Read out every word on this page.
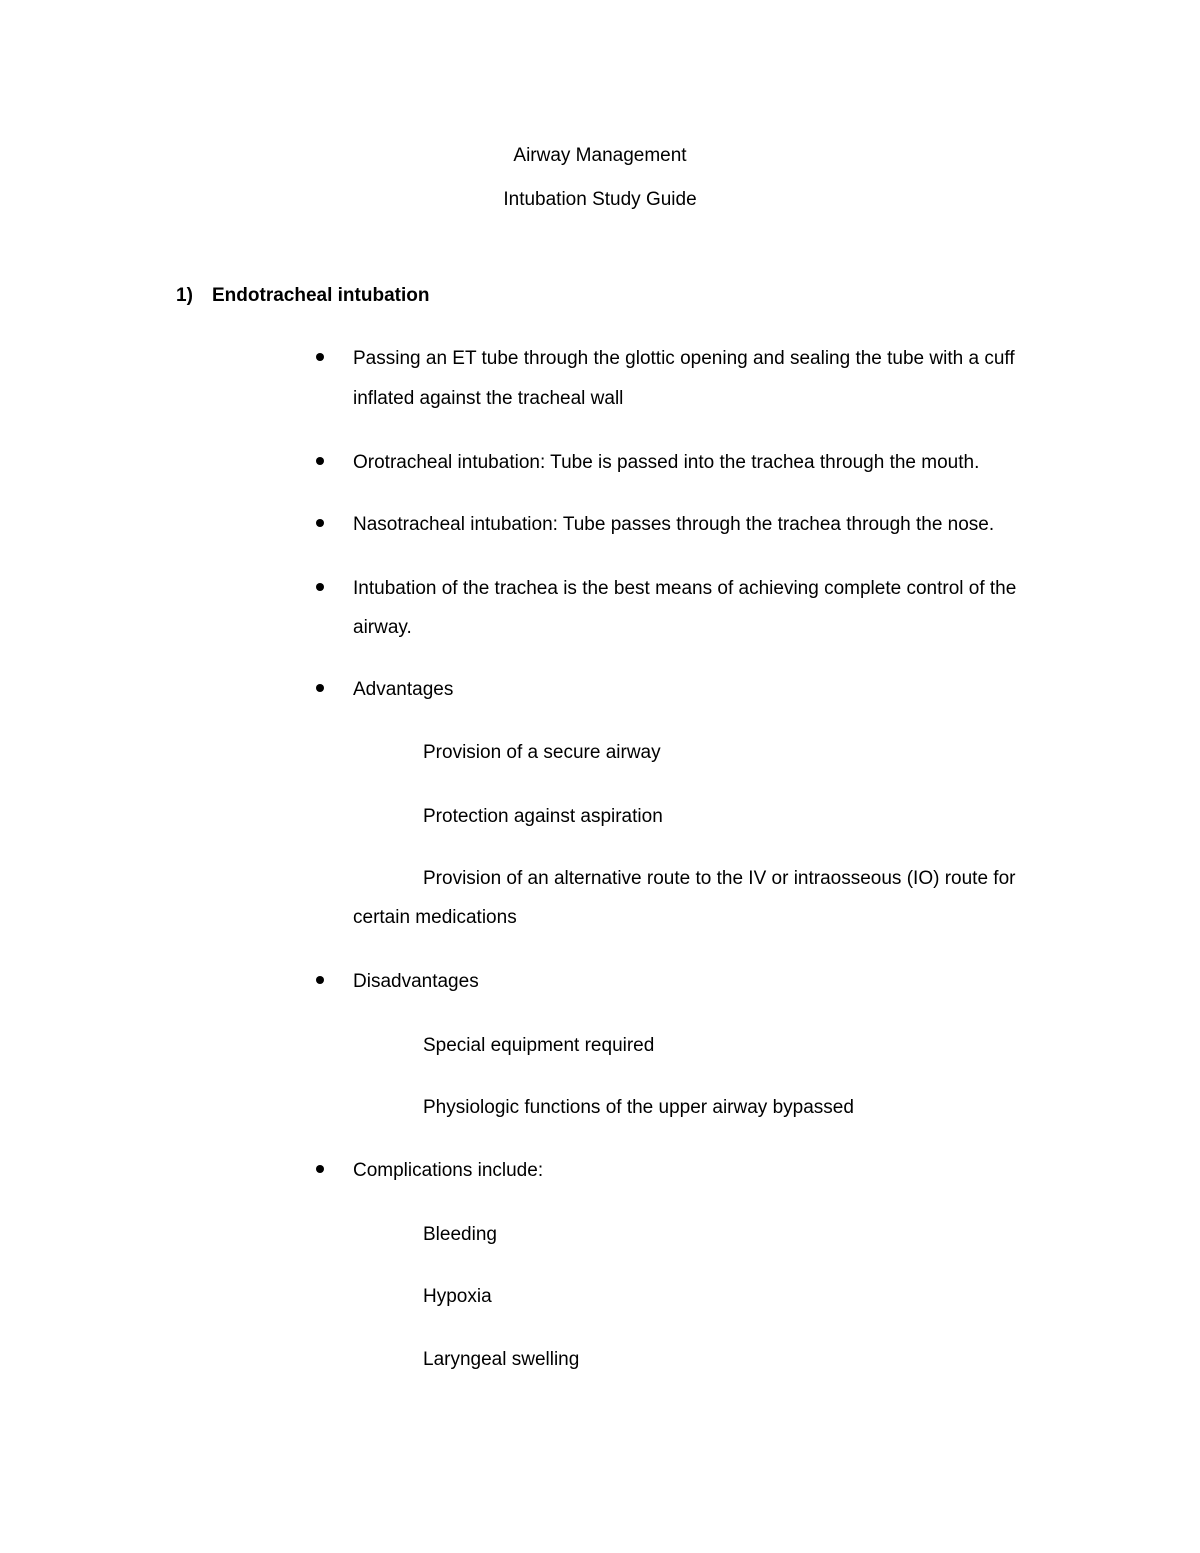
Airway Management
Intubation Study Guide
1) Endotracheal intubation
Passing an ET tube through the glottic opening and sealing the tube with a cuff
inflated against the tracheal wall
Orotracheal intubation: Tube is passed into the trachea through the mouth.
Nasotracheal intubation: Tube passes through the trachea through the nose.
Intubation of the trachea is the best means of achieving complete control of the
airway.
Advantages
Provision of a secure airway
Protection against aspiration
Provision of an alternative route to the IV or intraosseous (IO) route for
certain medications
Disadvantages
Special equipment required
Physiologic functions of the upper airway bypassed
Complications include:
Bleeding
Hypoxia
Laryngeal swelling
